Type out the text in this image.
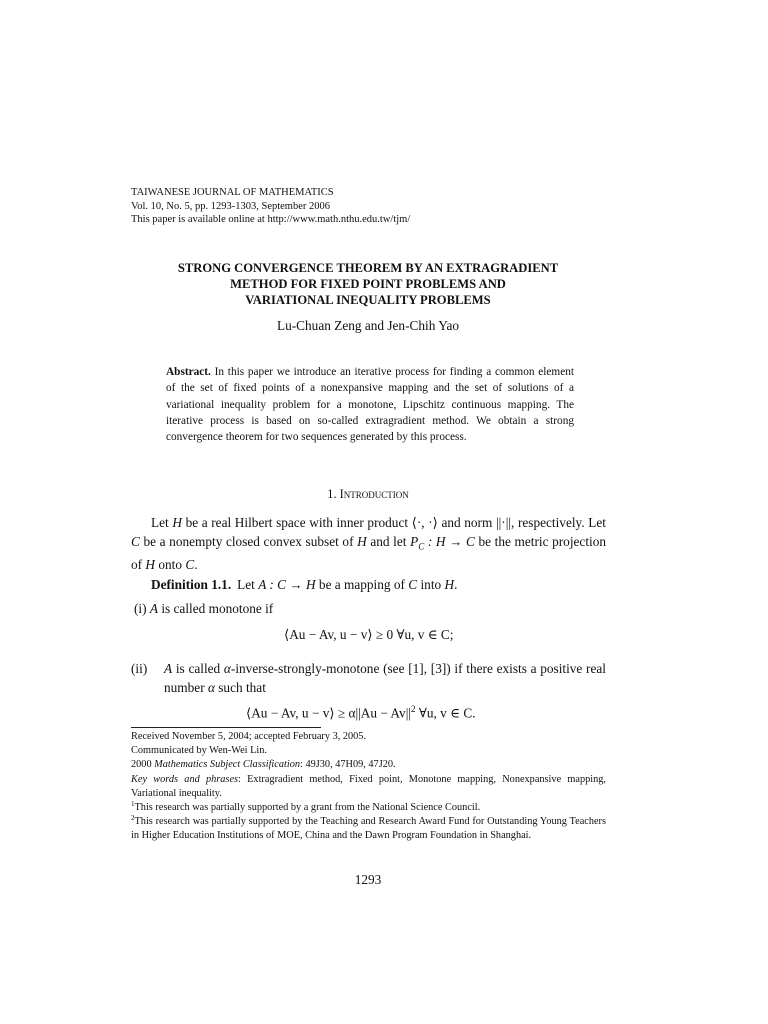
TAIWANESE JOURNAL OF MATHEMATICS
Vol. 10, No. 5, pp. 1293-1303, September 2006
This paper is available online at http://www.math.nthu.edu.tw/tjm/
STRONG CONVERGENCE THEOREM BY AN EXTRAGRADIENT
METHOD FOR FIXED POINT PROBLEMS AND
VARIATIONAL INEQUALITY PROBLEMS
Lu-Chuan Zeng and Jen-Chih Yao
Abstract. In this paper we introduce an iterative process for finding a common element of the set of fixed points of a nonexpansive mapping and the set of solutions of a variational inequality problem for a monotone, Lipschitz continuous mapping. The iterative process is based on so-called extragradient method. We obtain a strong convergence theorem for two sequences generated by this process.
1. Introduction

Let H be a real Hilbert space with inner product ⟨·, ·⟩ and norm ||·||, respectively. Let C be a nonempty closed convex subset of H and let $P_C$ : H → C be the metric projection of H onto C.

Definition 1.1. Let A : C → H be a mapping of C into H.
(i) A is called monotone if
⟨Au − Av, u − v⟩ ≥ 0 ∀u, v ∈ C;
(ii) A is called α-inverse-strongly-monotone (see [1], [3]) if there exists a positive real number α such that
⟨Au − Av, u − v⟩ ≥ $\alpha||Au - Av||^2$ ∀u, v ∈ C.
Received November 5, 2004; accepted February 3, 2005.
Communicated by Wen-Wei Lin.
2000 Mathematics Subject Classification: 49J30, 47H09, 47J20.
Key words and phrases: Extragradient method, Fixed point, Monotone mapping, Nonexpansive mapping, Variational inequality.
$^1$This research was partially supported by a grant from the National Science Council.
$^2$This research was partially supported by the Teaching and Research Award Fund for Outstanding Young Teachers in Higher Education Institutions of MOE, China and the Dawn Program Foundation in Shanghai.
1293
